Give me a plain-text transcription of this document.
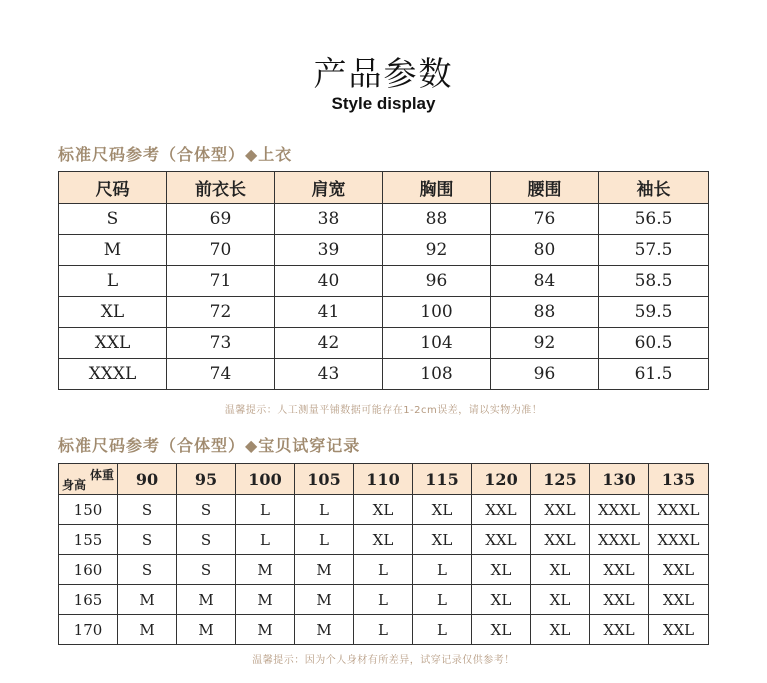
产品参数
Style display
标准尺码参考（合体型）◆上衣
尺码	前衣长	肩宽	胸围	腰围	袖长
S	69	38	88	76	56.5
M	70	39	92	80	57.5
L	71	40	96	84	58.5
XL	72	41	100	88	59.5
XXL	73	42	104	92	60.5
XXXL	74	43	108	96	61.5
温馨提示：人工测量平铺数据可能存在1-2cm误差，请以实物为准！
标准尺码参考（合体型）◆宝贝试穿记录
体重
身高	90	95	100	105	110	115	120	125	130	135
150	S	S	L	L	XL	XL	XXL	XXL	XXXL	XXXL
155	S	S	L	L	XL	XL	XXL	XXL	XXXL	XXXL
160	S	S	M	M	L	L	XL	XL	XXL	XXL
165	M	M	M	M	L	L	XL	XL	XXL	XXL
170	M	M	M	M	L	L	XL	XL	XXL	XXL
温馨提示：因为个人身材有所差异，试穿记录仅供参考！
